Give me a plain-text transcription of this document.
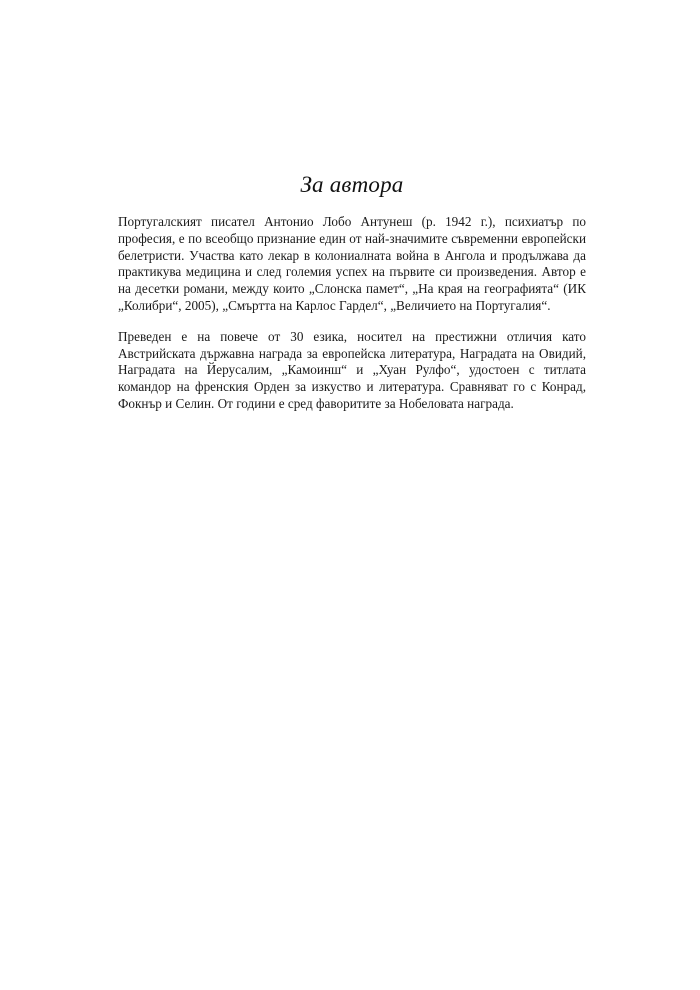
За автора

Португалският писател Антонио Лобо Антунеш (р. 1942 г.), психиатър по професия, е по всеобщо признание един от най-значимите съвременни европейски белетристи. Участва като лекар в колониалната война в Ангола и продължава да практикува медицина и след големия успех на първите си произведения. Автор е на десетки романи, между които „Слонска памет“, „На края на географията“ (ИК „Колибри“, 2005), „Смъртта на Карлос Гардел“, „Величието на Португалия“.

Преведен е на повече от 30 езика, носител на престижни отличия като Австрийската държавна награда за европейска литература, Наградата на Овидий, Наградата на Йерусалим, „Камоинш“ и „Хуан Рулфо“, удостоен с титлата командор на френския Орден за изкуство и литература. Сравняват го с Конрад, Фокнър и Селин. От години е сред фаворитите за Нобеловата награда.
